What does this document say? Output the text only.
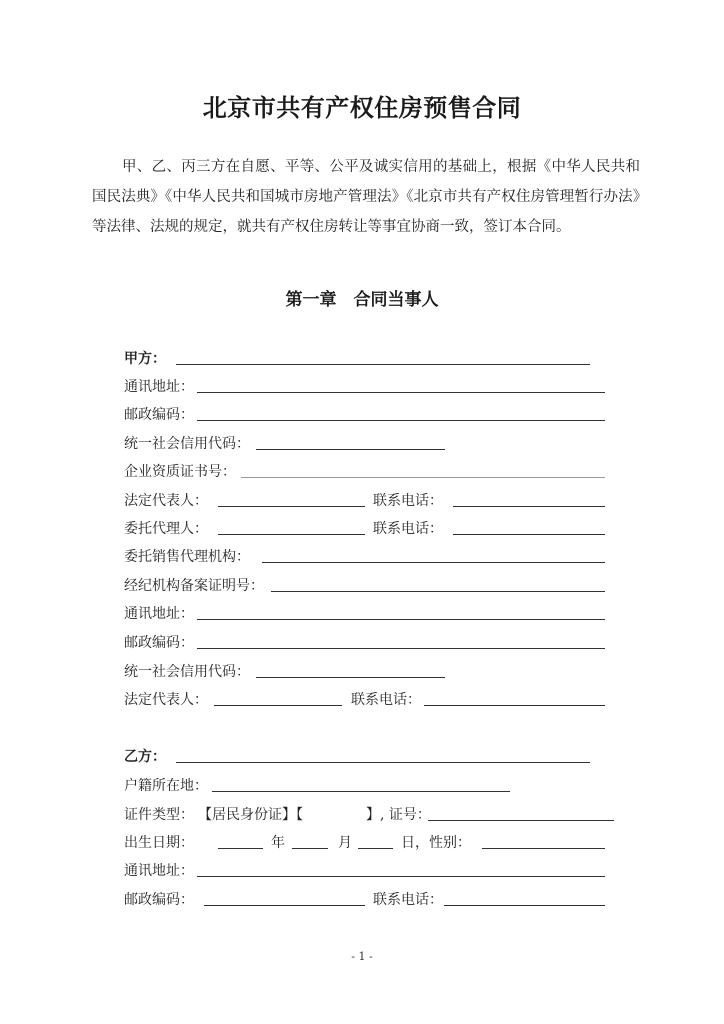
北京市共有产权住房预售合同

甲、乙、丙三方在自愿、平等、公平及诚实信用的基础上，根据《中华人民共和国民法典》《中华人民共和国城市房地产管理法》《北京市共有产权住房管理暂行办法》等法律、法规的规定，就共有产权住房转让等事宜协商一致，签订本合同。

第一章　合同当事人
甲方：
通讯地址：
邮政编码：
统一社会信用代码：
企业资质证书号：
法定代表人：	联系电话：
委托代理人：	联系电话：
委托销售代理机构：
经纪机构备案证明号：
通讯地址：
邮政编码：
统一社会信用代码：
法定代表人：	联系电话：
乙方：
户籍所在地：
证件类型： 【居民身份证】【	】, 证号：
出生日期：	年	月	日，性别：
通讯地址：
邮政编码：	联系电话：
- 1 -
